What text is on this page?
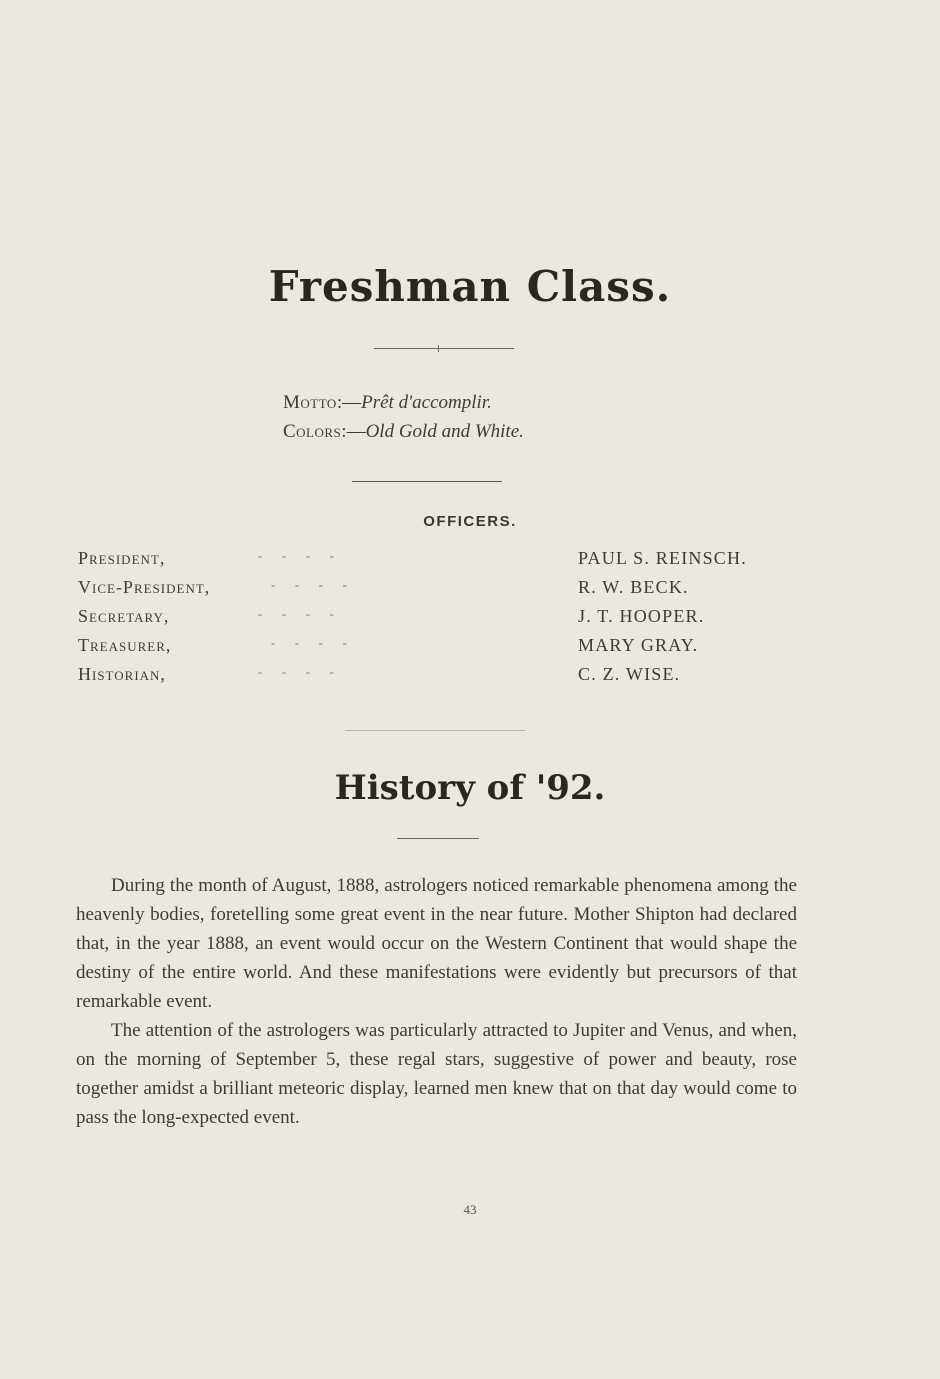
Freshman Class.
Motto:—Prêt d'accomplir.
Colors:—Old Gold and White.
OFFICERS.
President,	-      -      -      -	PAUL S. REINSCH.
Vice-President,	-      -      -      -	R. W. BECK.
Secretary,	-      -      -      -	J. T. HOOPER.
Treasurer,	-      -      -      -	MARY GRAY.
Historian,	-      -      -      -	C. Z. WISE.
History of '92.

During the month of August, 1888, astrologers noticed remarkable phenomena among the heavenly bodies, foretelling some great event in the near future. Mother Shipton had declared that, in the year 1888, an event would occur on the Western Continent that would shape the destiny of the entire world. And these manifestations were evidently but precursors of that remarkable event.

The attention of the astrologers was particularly attracted to Jupiter and Venus, and when, on the morning of September 5, these regal stars, suggestive of power and beauty, rose together amidst a brilliant meteoric display, learned men knew that on that day would come to pass the long-expected event.

43
